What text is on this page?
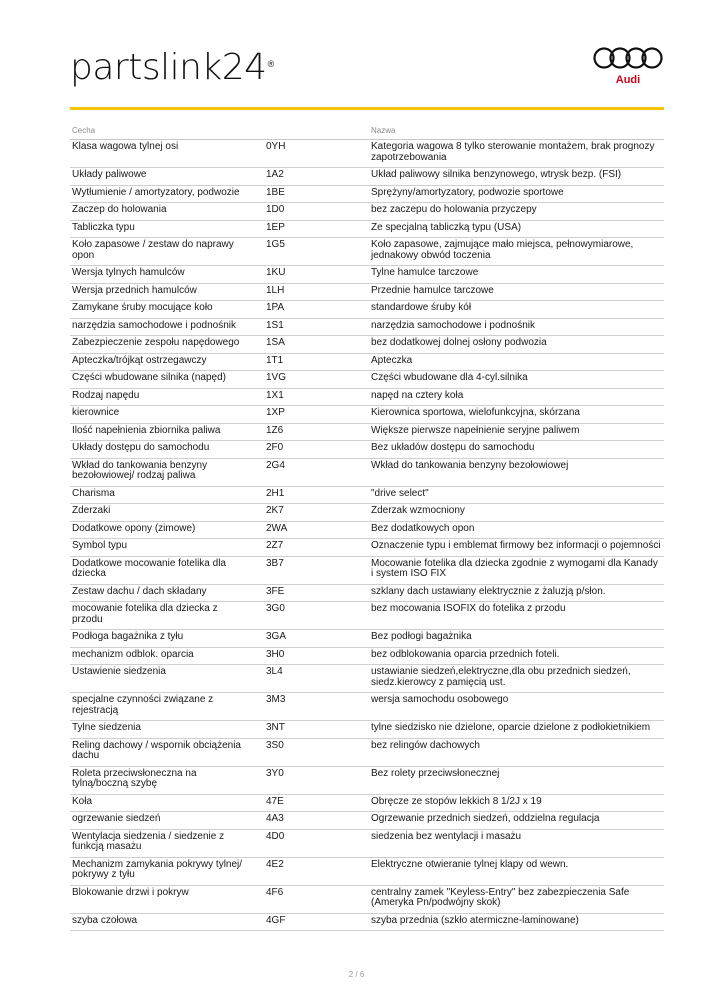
partslink24®
Audi
Cecha		Nazwa
Klasa wagowa tylnej osi	0YH	Kategoria wagowa 8 tylko sterowanie montażem, brak prognozy zapotrzebowania
Układy paliwowe	1A2	Układ paliwowy silnika benzynowego, wtrysk bezp. (FSI)
Wytłumienie / amortyzatory, podwozie	1BE	Sprężyny/amortyzatory, podwozie sportowe
Zaczep do holowania	1D0	bez zaczepu do holowania przyczepy
Tabliczka typu	1EP	Ze specjalną tabliczką typu (USA)
Koło zapasowe / zestaw do naprawy opon	1G5	Koło zapasowe, zajmujące mało miejsca, pełnowymiarowe, jednakowy obwód toczenia
Wersja tylnych hamulców	1KU	Tylne hamulce tarczowe
Wersja przednich hamulców	1LH	Przednie hamulce tarczowe
Zamykane śruby mocujące koło	1PA	standardowe śruby kół
narzędzia samochodowe i podnośnik	1S1	narzędzia samochodowe i podnośnik
Zabezpieczenie zespołu napędowego	1SA	bez dodatkowej dolnej osłony podwozia
Apteczka/trójkąt ostrzegawczy	1T1	Apteczka
Części wbudowane silnika (napęd)	1VG	Części wbudowane dla 4-cyl.silnika
Rodzaj napędu	1X1	napęd na cztery koła
kierownice	1XP	Kierownica sportowa, wielofunkcyjna, skórzana
Ilość napełnienia zbiornika paliwa	1Z6	Większe pierwsze napełnienie seryjne paliwem
Układy dostępu do samochodu	2F0	Bez układów dostępu do samochodu
Wkład do tankowania benzyny bezołowiowej/ rodzaj paliwa	2G4	Wkład do tankowania benzyny bezołowiowej
Charisma	2H1	"drive select"
Zderzaki	2K7	Zderzak wzmocniony
Dodatkowe opony (zimowe)	2WA	Bez dodatkowych opon
Symbol typu	2Z7	Oznaczenie typu i emblemat firmowy bez informacji o pojemności
Dodatkowe mocowanie fotelika dla dziecka	3B7	Mocowanie fotelika dla dziecka zgodnie z wymogami dla Kanady i system ISO FIX
Zestaw dachu / dach składany	3FE	szklany dach ustawiany elektrycznie z żaluzją p/słon.
mocowanie fotelika dla dziecka z przodu	3G0	bez mocowania ISOFIX do fotelika z przodu
Podłoga bagażnika z tyłu	3GA	Bez podłogi bagażnika
mechanizm odblok. oparcia	3H0	bez odblokowania oparcia przednich foteli.
Ustawienie siedzenia	3L4	ustawianie siedzeń,elektryczne,dla obu przednich siedzeń, siedz.kierowcy z pamięcią ust.
specjalne czynności związane z rejestracją	3M3	wersja samochodu osobowego
Tylne siedzenia	3NT	tylne siedzisko nie dzielone, oparcie dzielone z podłokietnikiem
Reling dachowy / wspornik obciążenia dachu	3S0	bez relingów dachowych
Roleta przeciwsłoneczna na tylną/boczną szybę	3Y0	Bez rolety przeciwsłonecznej
Koła	47E	Obręcze ze stopów lekkich 8 1/2J x 19
ogrzewanie siedzeń	4A3	Ogrzewanie przednich siedzeń, oddzielna regulacja
Wentylacja siedzenia / siedzenie z funkcją masażu	4D0	siedzenia bez wentylacji i masażu
Mechanizm zamykania pokrywy tylnej/ pokrywy z tyłu	4E2	Elektryczne otwieranie tylnej klapy od wewn.
Blokowanie drzwi i pokryw	4F6	centralny zamek "Keyless-Entry" bez zabezpieczenia Safe (Ameryka Pn/podwójny skok)
szyba czołowa	4GF	szyba przednia (szkło atermiczne-laminowane)
2 / 6
